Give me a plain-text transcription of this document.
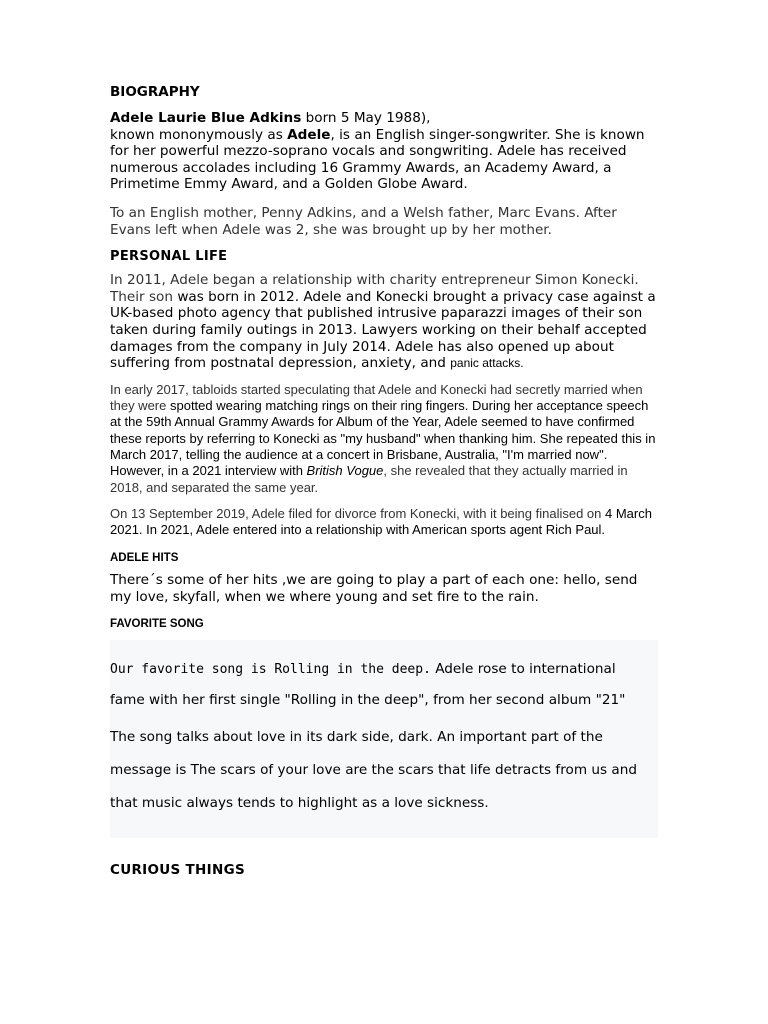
BIOGRAPHY

Adele Laurie Blue Adkins born 5 May 1988),
known mononymously as Adele, is an English singer-songwriter. She is known for her powerful mezzo-soprano vocals and songwriting. Adele has received numerous accolades including 16 Grammy Awards, an Academy Award, a Primetime Emmy Award, and a Golden Globe Award.

To an English mother, Penny Adkins, and a Welsh father, Marc Evans. After Evans left when Adele was 2, she was brought up by her mother.

PERSONAL LIFE

In 2011, Adele began a relationship with charity entrepreneur Simon Konecki. Their son was born in 2012. Adele and Konecki brought a privacy case against a UK-based photo agency that published intrusive paparazzi images of their son taken during family outings in 2013. Lawyers working on their behalf accepted damages from the company in July 2014. Adele has also opened up about suffering from postnatal depression, anxiety, and panic attacks.

In early 2017, tabloids started speculating that Adele and Konecki had secretly married when they were spotted wearing matching rings on their ring fingers. During her acceptance speech at the 59th Annual Grammy Awards for Album of the Year, Adele seemed to have confirmed these reports by referring to Konecki as "my husband" when thanking him. She repeated this in March 2017, telling the audience at a concert in Brisbane, Australia, "I'm married now". However, in a 2021 interview with British Vogue, she revealed that they actually married in 2018, and separated the same year.

On 13 September 2019, Adele filed for divorce from Konecki, with it being finalised on 4 March 2021. In 2021, Adele entered into a relationship with American sports agent Rich Paul.

ADELE HITS

There´s some of her hits ,we are going to play a part of each one: hello, send my love, skyfall, when we where young and set fire to the rain.

FAVORITE SONG

Our favorite song is Rolling in the deep. Adele rose to international

fame with her first single "Rolling in the deep", from her second album "21"

The song talks about love in its dark side, dark. An important part of the message is The scars of your love are the scars that life detracts from us and that music always tends to highlight as a love sickness.

CURIOUS THINGS
